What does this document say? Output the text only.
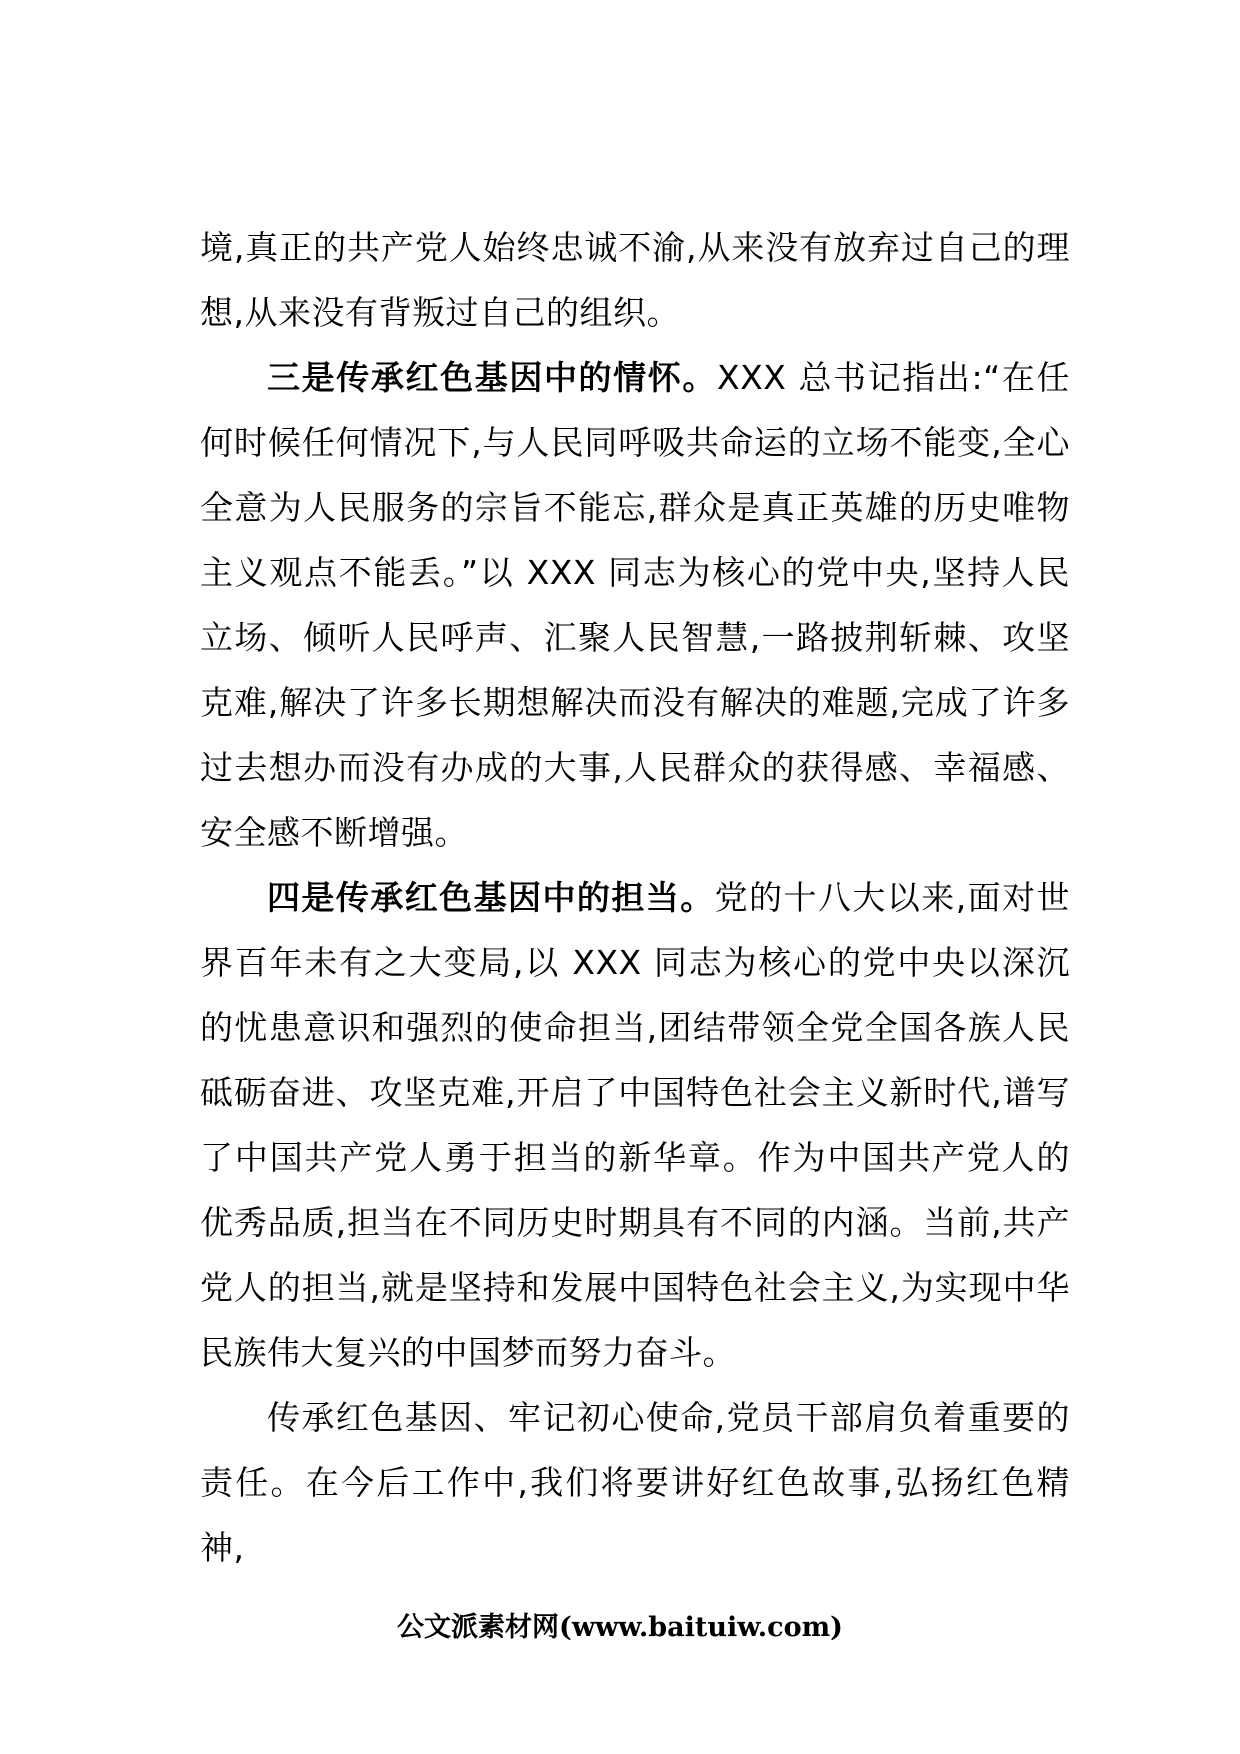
境,真正的共产党人始终忠诚不渝,从来没有放弃过自己的理想,从来没有背叛过自己的组织。

三是传承红色基因中的情怀。XXX 总书记指出:“在任何时候任何情况下,与人民同呼吸共命运的立场不能变,全心全意为人民服务的宗旨不能忘,群众是真正英雄的历史唯物主义观点不能丢。”以 XXX 同志为核心的党中央,坚持人民立场、倾听人民呼声、汇聚人民智慧,一路披荆斩棘、攻坚克难,解决了许多长期想解决而没有解决的难题,完成了许多过去想办而没有办成的大事,人民群众的获得感、幸福感、安全感不断增强。

四是传承红色基因中的担当。党的十八大以来,面对世界百年未有之大变局,以 XXX 同志为核心的党中央以深沉的忧患意识和强烈的使命担当,团结带领全党全国各族人民砥砺奋进、攻坚克难,开启了中国特色社会主义新时代,谱写了中国共产党人勇于担当的新华章。作为中国共产党人的优秀品质,担当在不同历史时期具有不同的内涵。当前,共产党人的担当,就是坚持和发展中国特色社会主义,为实现中华民族伟大复兴的中国梦而努力奋斗。

传承红色基因、牢记初心使命,党员干部肩负着重要的责任。在今后工作中,我们将要讲好红色故事,弘扬红色精神,

公文派素材网(www.baituiw.com)
